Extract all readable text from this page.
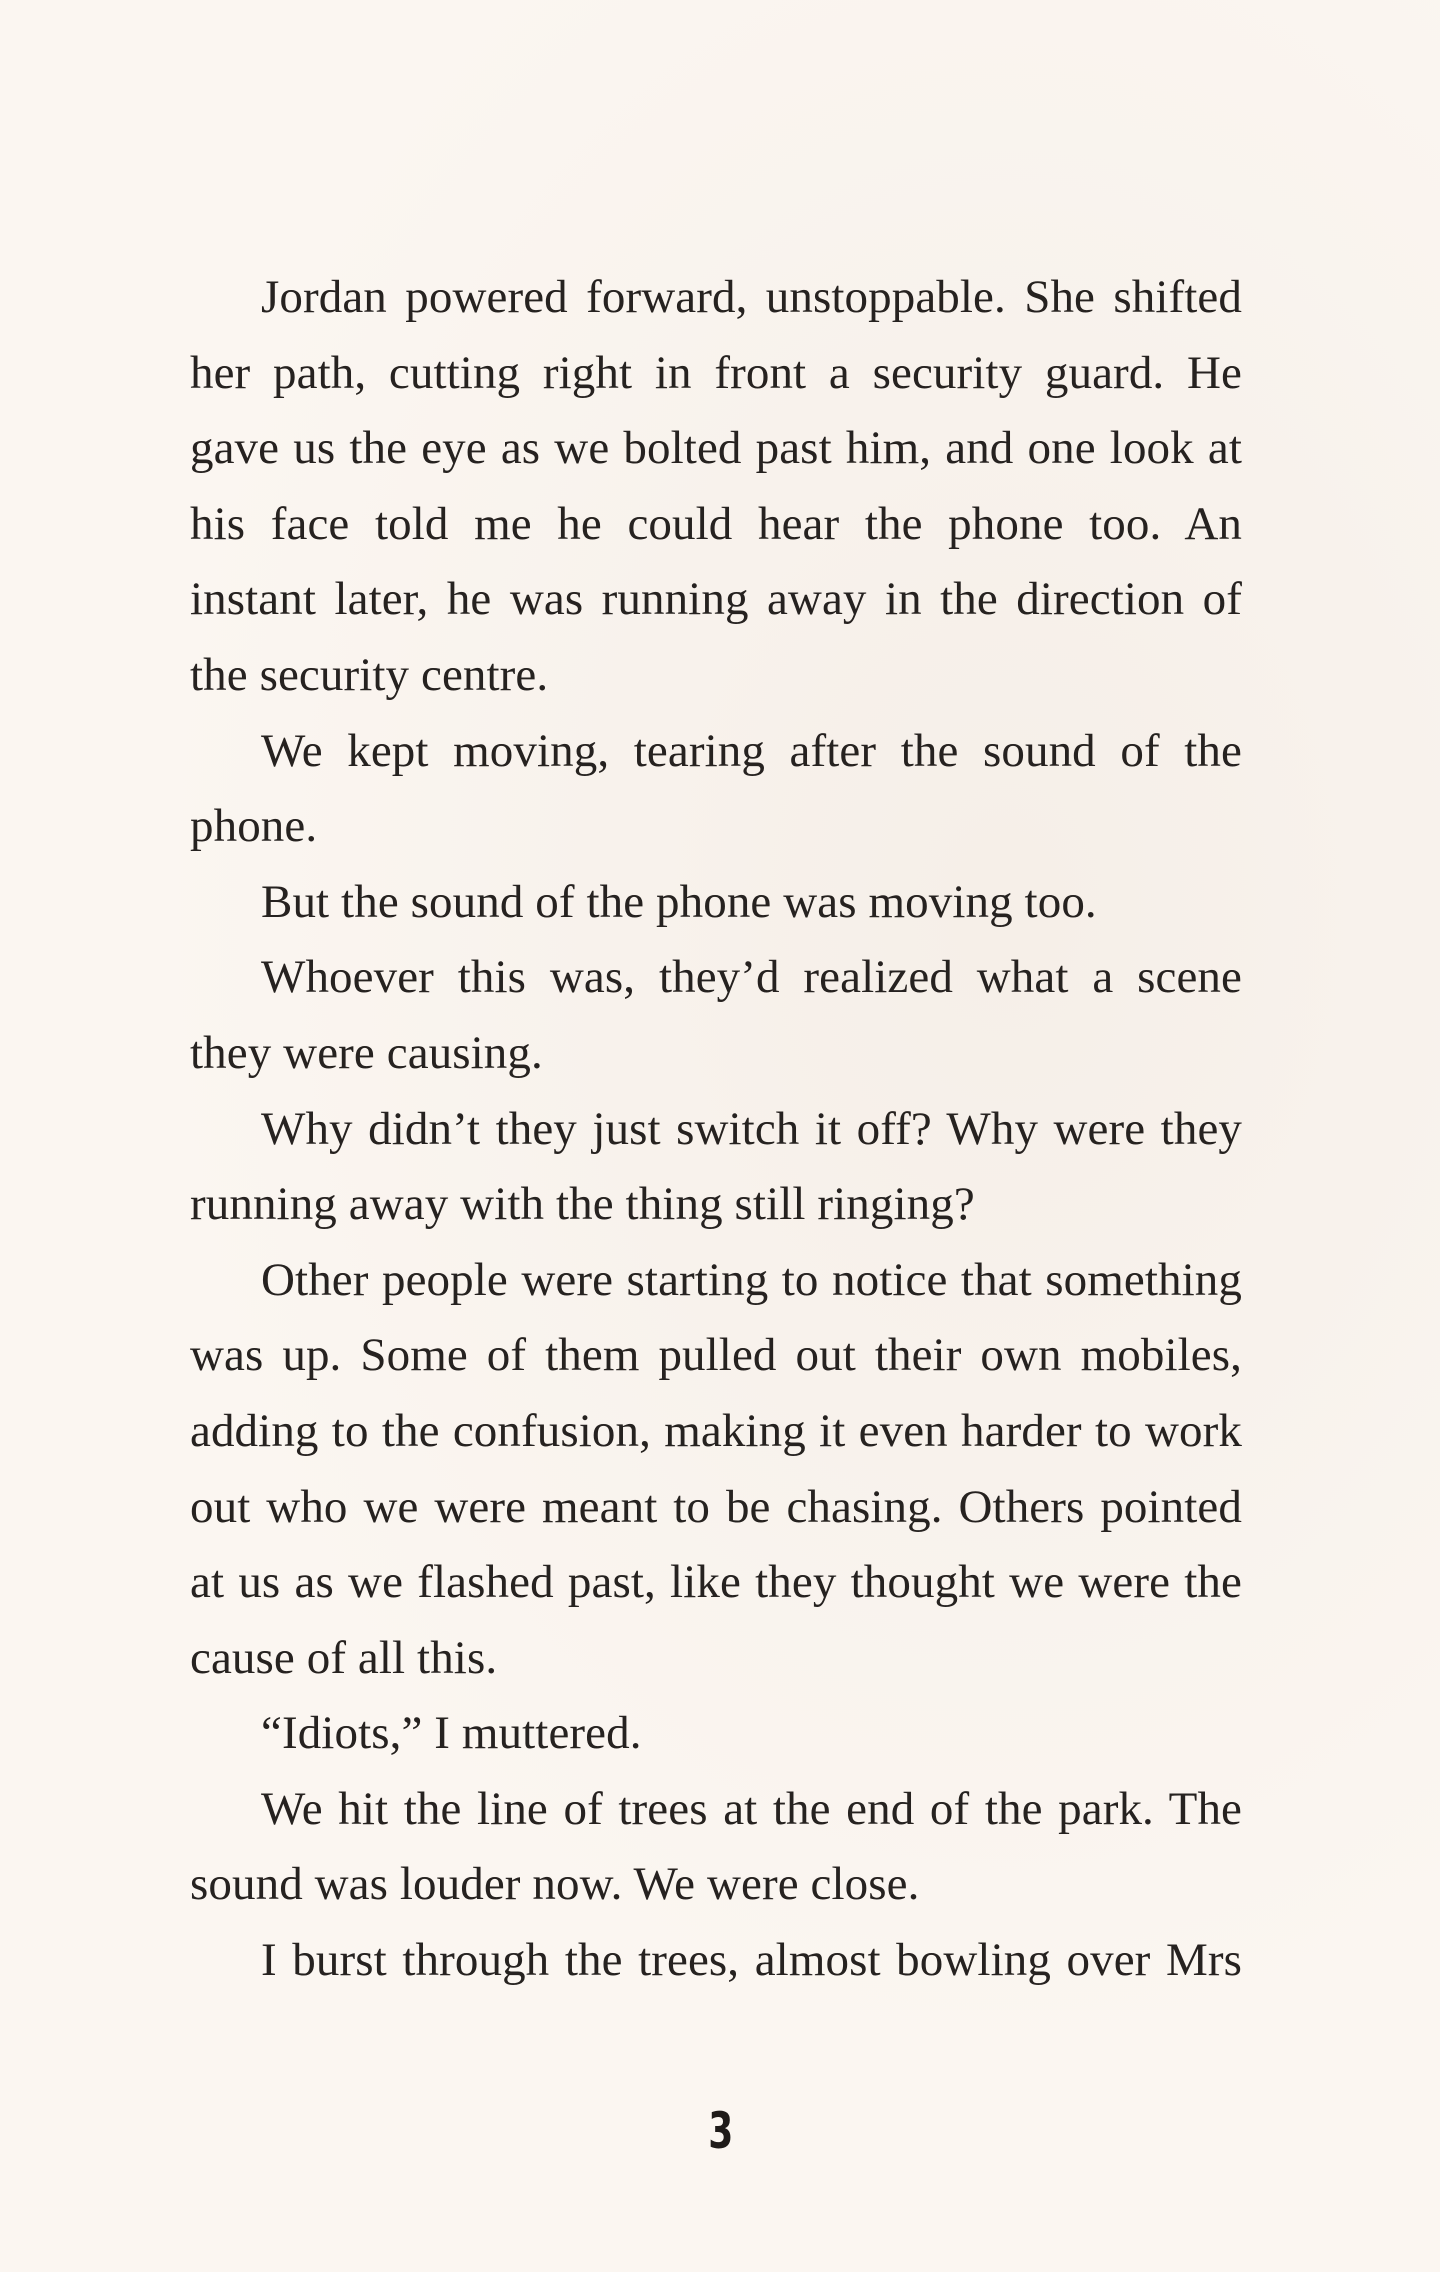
Jordan powered forward, unstoppable. She shifted her path, cutting right in front a security guard. He gave us the eye as we bolted past him, and one look at his face told me he could hear the phone too. An instant later, he was running away in the direction of the security centre.

We kept moving, tearing after the sound of the phone.

But the sound of the phone was moving too.

Whoever this was, they’d realized what a scene they were causing.

Why didn’t they just switch it off? Why were they running away with the thing still ringing?

Other people were starting to notice that something was up. Some of them pulled out their own mobiles, adding to the confusion, making it even harder to work out who we were meant to be chasing. Others pointed at us as we flashed past, like they thought we were the cause of all this.

“Idiots,” I muttered.

We hit the line of trees at the end of the park. The sound was louder now. We were close.

I burst through the trees, almost bowling over Mrs

3
